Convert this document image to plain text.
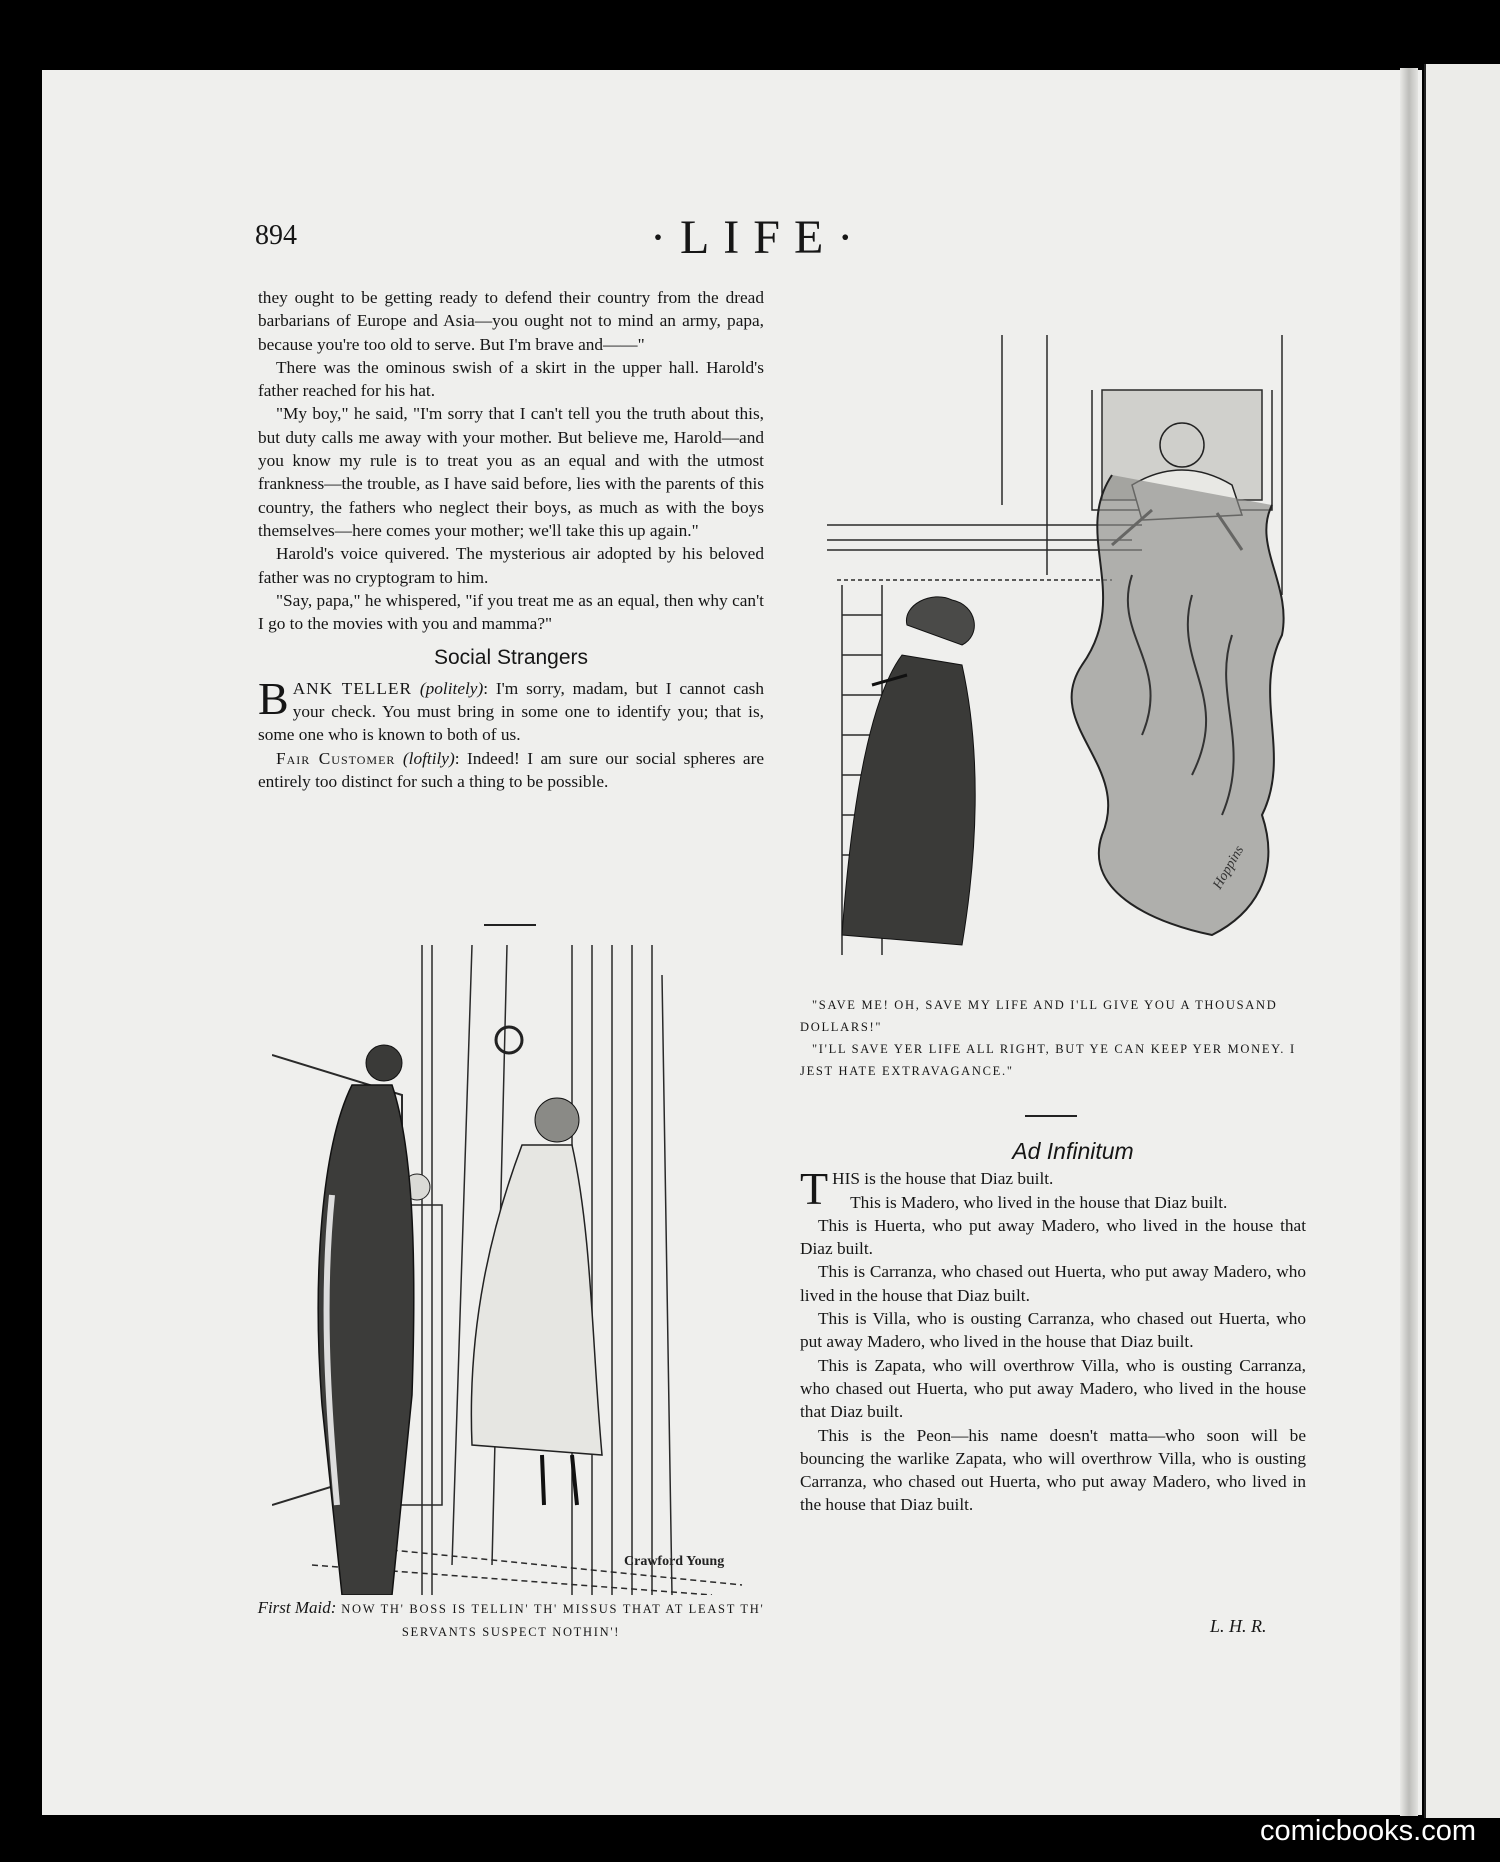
894	·LIFE·

they ought to be getting ready to defend their country from the dread barbarians of Europe and Asia—you ought not to mind an army, papa, because you're too old to serve. But I'm brave and——"

There was the ominous swish of a skirt in the upper hall. Harold's father reached for his hat.

"My boy," he said, "I'm sorry that I can't tell you the truth about this, but duty calls me away with your mother. But believe me, Harold—and you know my rule is to treat you as an equal and with the utmost frankness—the trouble, as I have said before, lies with the parents of this country, the fathers who neglect their boys, as much as with the boys themselves—here comes your mother; we'll take this up again."

Harold's voice quivered. The mysterious air adopted by his beloved father was no cryptogram to him.

"Say, papa," he whispered, "if you treat me as an equal, then why can't I go to the movies with you and mamma?"

Social Strangers

BANK TELLER (politely): I'm sorry, madam, but I cannot cash your check. You must bring in some one to identify you; that is, some one who is known to both of us.

Fair Customer (loftily): Indeed! I am sure our social spheres are entirely too distinct for such a thing to be possible.

Hoppins
"SAVE ME! OH, SAVE MY LIFE AND I'LL GIVE YOU A THOUSAND DOLLARS!"
"I'LL SAVE YER LIFE ALL RIGHT, BUT YE CAN KEEP YER MONEY. I JEST HATE EXTRAVAGANCE."
Ad Infinitum

THIS is the house that Diaz built.

This is Madero, who lived in the house that Diaz built.

This is Huerta, who put away Madero, who lived in the house that Diaz built.

This is Carranza, who chased out Huerta, who put away Madero, who lived in the house that Diaz built.

This is Villa, who is ousting Carranza, who chased out Huerta, who put away Madero, who lived in the house that Diaz built.

This is Zapata, who will overthrow Villa, who is ousting Carranza, who chased out Huerta, who put away Madero, who lived in the house that Diaz built.

This is the Peon—his name doesn't matta—who soon will be bouncing the warlike Zapata, who will overthrow Villa, who is ousting Carranza, who chased out Huerta, who put away Madero, who lived in the house that Diaz built.

L. H. R.
Crawford Young
First Maid: NOW TH' BOSS IS TELLIN' TH' MISSUS THAT AT LEAST TH' SERVANTS SUSPECT NOTHIN'!
comicbooks.com
